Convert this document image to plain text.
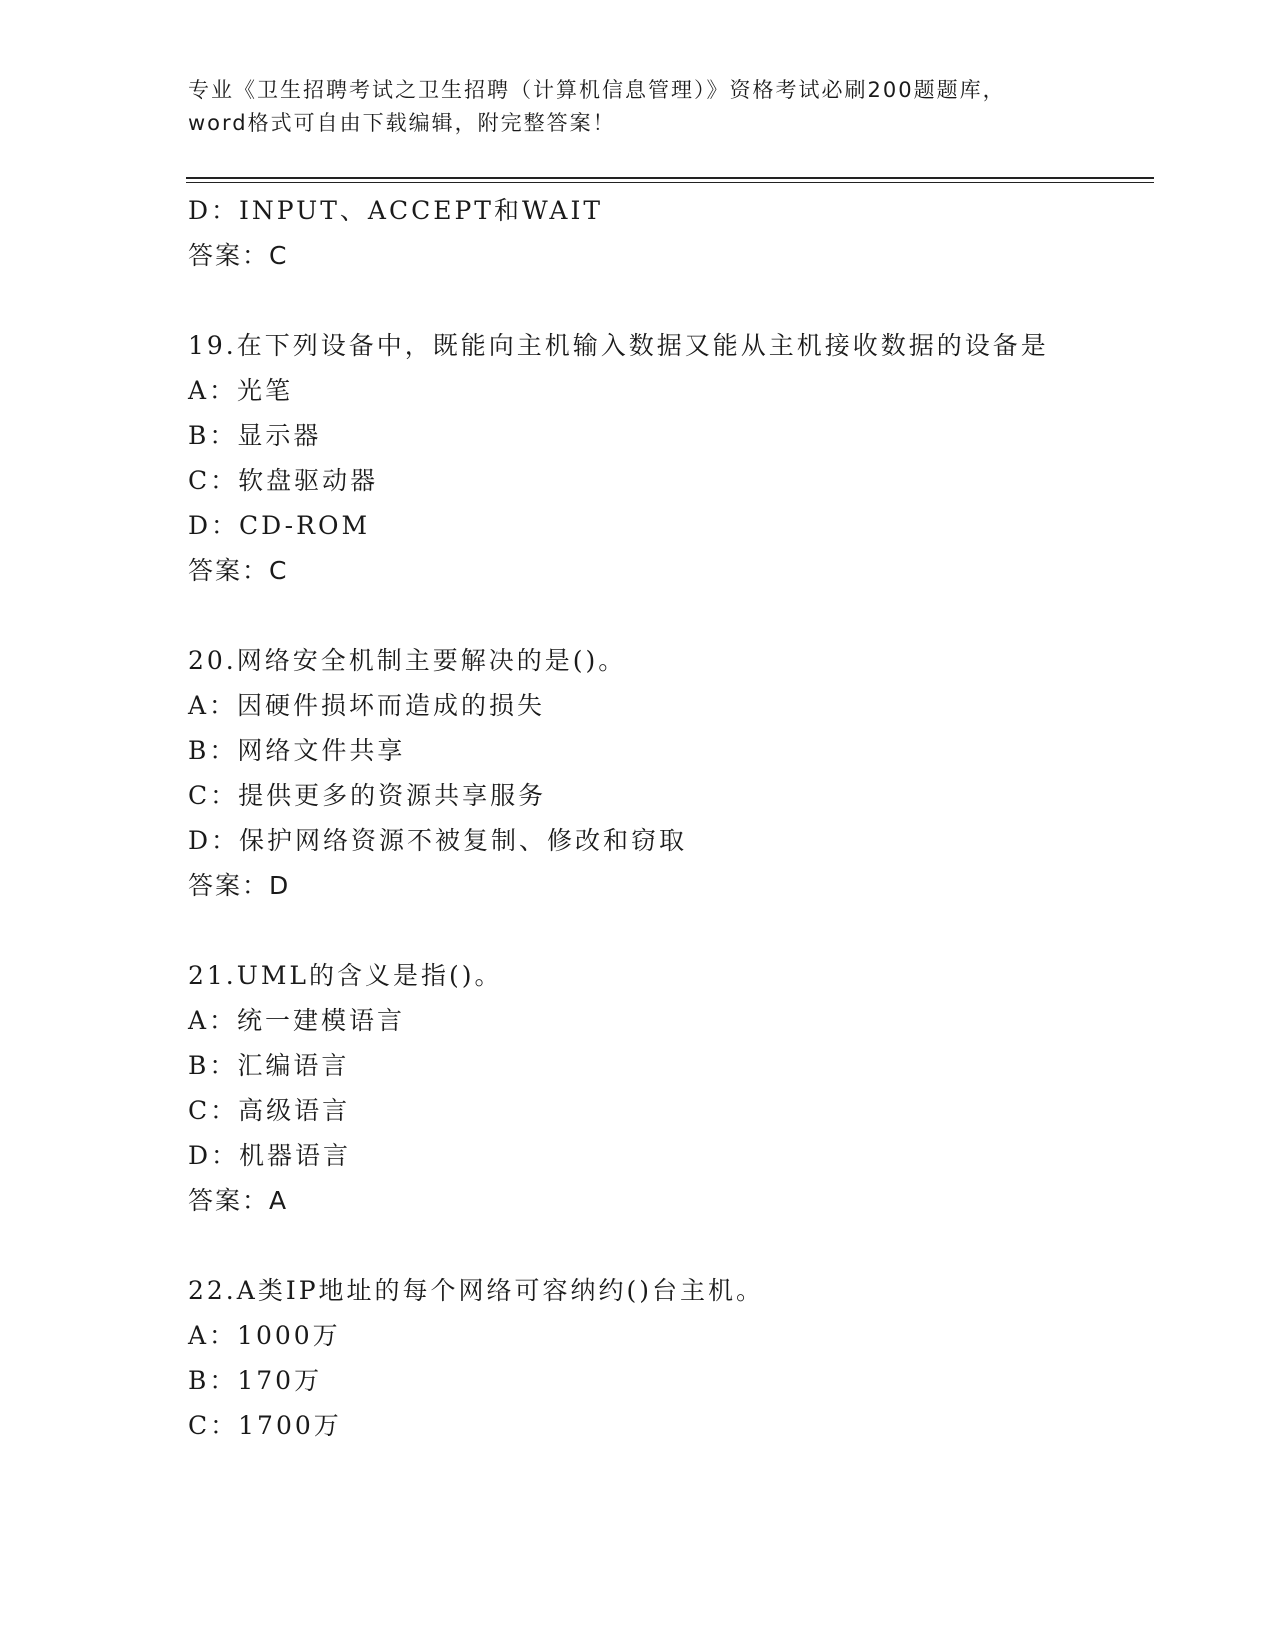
专业《卫生招聘考试之卫生招聘（计算机信息管理）》资格考试必刷200题题库，

word格式可自由下载编辑，附完整答案！

D：INPUT、ACCEPT和WAIT
答案：C
19.在下列设备中，既能向主机输入数据又能从主机接收数据的设备是
A：光笔
B：显示器
C：软盘驱动器
D：CD-ROM
答案：C
20.网络安全机制主要解决的是()。
A：因硬件损坏而造成的损失
B：网络文件共享
C：提供更多的资源共享服务
D：保护网络资源不被复制、修改和窃取
答案：D
21.UML的含义是指()。
A：统一建模语言
B：汇编语言
C：高级语言
D：机器语言
答案：A
22.A类IP地址的每个网络可容纳约()台主机。
A：1000万
B：170万
C：1700万
